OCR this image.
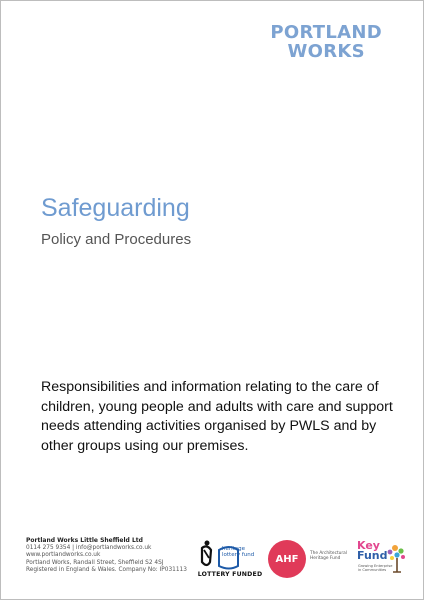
PORTLAND
WORKS
Safeguarding
Policy and Procedures

Responsibilities and information relating to the care of children, young people and adults with care and support needs attending activities organised by PWLS and by other groups using our premises.

Portland Works Little Sheffield Ltd
0114 275 9354 | info@portlandworks.co.uk
www.portlandworks.co.uk
Portland Works, Randall Street, Sheffield S2 4SJ
Registered in England & Wales. Company No: IP031113
heritage lottery fund
LOTTERY FUNDED
AHF	The Architectural Heritage Fund
Key
Fund
Growing Enterprise in Communities
